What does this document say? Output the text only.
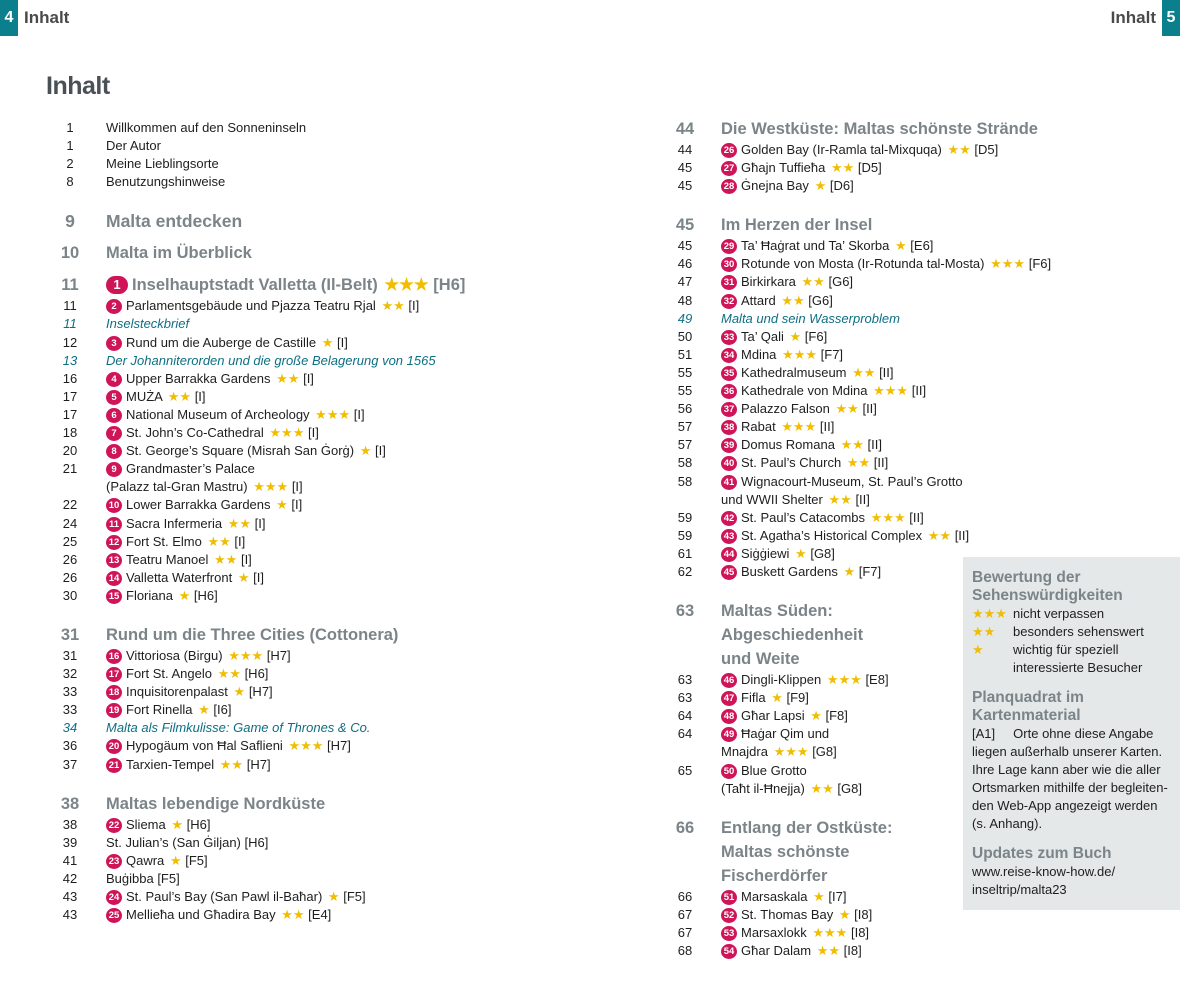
4 Inhalt	Inhalt 5
Inhalt
1	Willkommen auf den Sonneninseln
1	Der Autor
2	Meine Lieblingsorte
8	Benutzungshinweise
9	Malta entdecken
10	Malta im Überblick
11	1 Inselhauptstadt Valletta (Il-Belt) ★★★ [H6]
11	2 Parlamentsgebäude und Pjazza Teatru Rjal ★★ [I]
11	Inselsteckbrief
12	3 Rund um die Auberge de Castille ★ [I]
13	Der Johanniterorden und die große Belagerung von 1565
16	4 Upper Barrakka Gardens ★★ [I]
17	5 MUŻA ★★ [I]
17	6 National Museum of Archeology ★★★ [I]
18	7 St. John’s Co-Cathedral ★★★ [I]
20	8 St. George’s Square (Misrah San Ġorġ) ★ [I]
21	9 Grandmaster’s Palace
(Palazz tal-Gran Mastru) ★★★ [I]
22	10 Lower Barrakka Gardens ★ [I]
24	11 Sacra Infermeria ★★ [I]
25	12 Fort St. Elmo ★★ [I]
26	13 Teatru Manoel ★★ [I]
26	14 Valletta Waterfront ★ [I]
30	15 Floriana ★ [H6]
31	Rund um die Three Cities (Cottonera)
31	16 Vittoriosa (Birgu) ★★★ [H7]
32	17 Fort St. Angelo ★★ [H6]
33	18 Inquisitorenpalast ★ [H7]
33	19 Fort Rinella ★ [I6]
34	Malta als Filmkulisse: Game of Thrones & Co.
36	20 Hypogäum von Ħal Saflieni ★★★ [H7]
37	21 Tarxien-Tempel ★★ [H7]
38	Maltas lebendige Nordküste
38	22 Sliema ★ [H6]
39	St. Julian’s (San Ġiljan) [H6]
41	23 Qawra ★ [F5]
42	Buġibba [F5]
43	24 St. Paul’s Bay (San Pawl il-Baħar) ★ [F5]
43	25 Mellieħa und Għadira Bay ★★ [E4]
44	Die Westküste: Maltas schönste Strände
44	26 Golden Bay (Ir-Ramla tal-Mixquqa) ★★ [D5]
45	27 Għajn Tuffieħa ★★ [D5]
45	28 Ġnejna Bay ★ [D6]
45	Im Herzen der Insel
45	29 Ta’ Ħaġrat und Ta’ Skorba ★ [E6]
46	30 Rotunde von Mosta (Ir-Rotunda tal-Mosta) ★★★ [F6]
47	31 Birkirkara ★★ [G6]
48	32 Attard ★★ [G6]
49	Malta und sein Wasserproblem
50	33 Ta’ Qali ★ [F6]
51	34 Mdina ★★★ [F7]
55	35 Kathedralmuseum ★★ [II]
55	36 Kathedrale von Mdina ★★★ [II]
56	37 Palazzo Falson ★★ [II]
57	38 Rabat ★★★ [II]
57	39 Domus Romana ★★ [II]
58	40 St. Paul’s Church ★★ [II]
58	41 Wignacourt-Museum, St. Paul’s Grotto
und WWII Shelter ★★ [II]
59	42 St. Paul’s Catacombs ★★★ [II]
59	43 St. Agatha’s Historical Complex ★★ [II]
61	44 Siġġiewi ★ [G8]
62	45 Buskett Gardens ★ [F7]
63	Maltas Süden:
Abgeschiedenheit
und Weite
63	46 Dingli-Klippen ★★★ [E8]
63	47 Fifla ★ [F9]
64	48 Għar Lapsi ★ [F8]
64	49 Ħaġar Qim und
Mnajdra ★★★ [G8]
65	50 Blue Grotto
(Taħt il-Ħnejja) ★★ [G8]
66	Entlang der Ostküste:
Maltas schönste
Fischerdörfer
66	51 Marsaskala ★ [I7]
67	52 St. Thomas Bay ★ [I8]
67	53 Marsaxlokk ★★★ [I8]
68	54 Għar Dalam ★★ [I8]
Bewertung der
Sehenswürdigkeiten
★★★ nicht verpassen
★★	besonders sehenswert
★	wichtig für speziell
interessierte Besucher
Planquadrat im Kartenmaterial
[A1]     Orte ohne diese Angabe
liegen außerhalb unserer Karten.
Ihre Lage kann aber wie die aller
Ortsmarken mithilfe der begleiten-
den Web-App angezeigt werden
(s. Anhang).
Updates zum Buch
www.reise-know-how.de/
inseltrip/malta23
